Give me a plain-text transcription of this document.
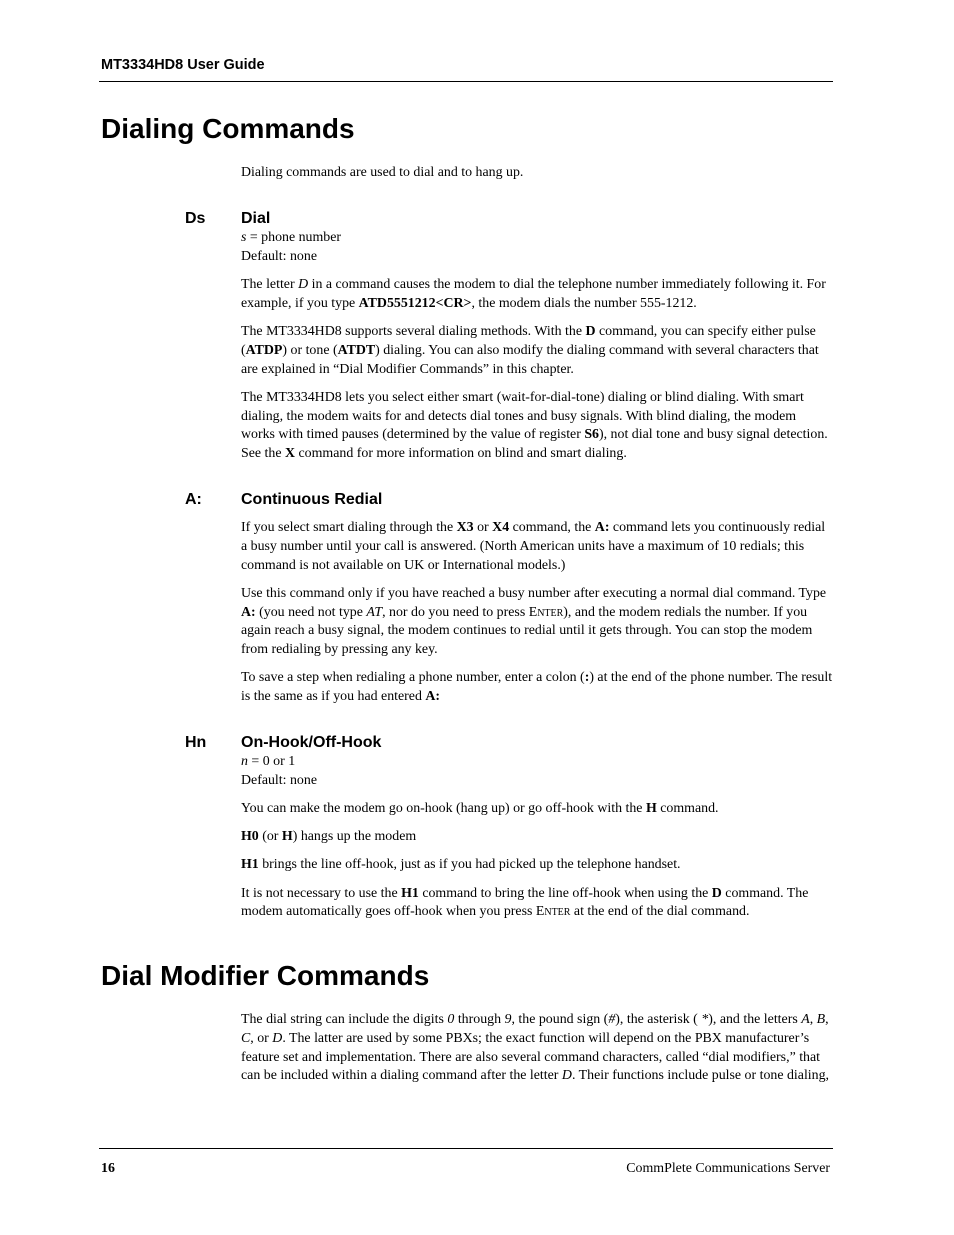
MT3334HD8 User Guide
Dialing Commands

Dialing commands are used to dial and to hang up.

Ds Dial

s = phone number

Default: none

The letter D in a command causes the modem to dial the telephone number immediately following it. For example, if you type ATD5551212<CR>, the modem dials the number 555-1212.

The MT3334HD8 supports several dialing methods. With the D command, you can specify either pulse (ATDP) or tone (ATDT) dialing. You can also modify the dialing command with several characters that are explained in “Dial Modifier Commands” in this chapter.

The MT3334HD8 lets you select either smart (wait-for-dial-tone) dialing or blind dialing. With smart dialing, the modem waits for and detects dial tones and busy signals. With blind dialing, the modem works with timed pauses (determined by the value of register S6), not dial tone and busy signal detection. See the X command for more information on blind and smart dialing.

A: Continuous Redial

If you select smart dialing through the X3 or X4 command, the A: command lets you continuously redial a busy number until your call is answered. (North American units have a maximum of 10 redials; this command is not available on UK or International models.)

Use this command only if you have reached a busy number after executing a normal dial command. Type A: (you need not type AT, nor do you need to press Enter), and the modem redials the number. If you again reach a busy signal, the modem continues to redial until it gets through. You can stop the modem from redialing by pressing any key.

To save a step when redialing a phone number, enter a colon (:) at the end of the phone number. The result is the same as if you had entered A:

Hn On-Hook/Off-Hook

n = 0 or 1

Default: none

You can make the modem go on-hook (hang up) or go off-hook with the H command.

H0 (or H) hangs up the modem

H1 brings the line off-hook, just as if you had picked up the telephone handset.

It is not necessary to use the H1 command to bring the line off-hook when using the D command. The modem automatically goes off-hook when you press Enter at the end of the dial command.

Dial Modifier Commands

The dial string can include the digits 0 through 9, the pound sign (#), the asterisk ( *), and the letters A, B, C, or D. The latter are used by some PBXs; the exact function will depend on the PBX manufacturer’s feature set and implementation. There are also several command characters, called “dial modifiers,” that can be included within a dialing command after the letter D. Their functions include pulse or tone dialing,

16	CommPlete Communications Server
